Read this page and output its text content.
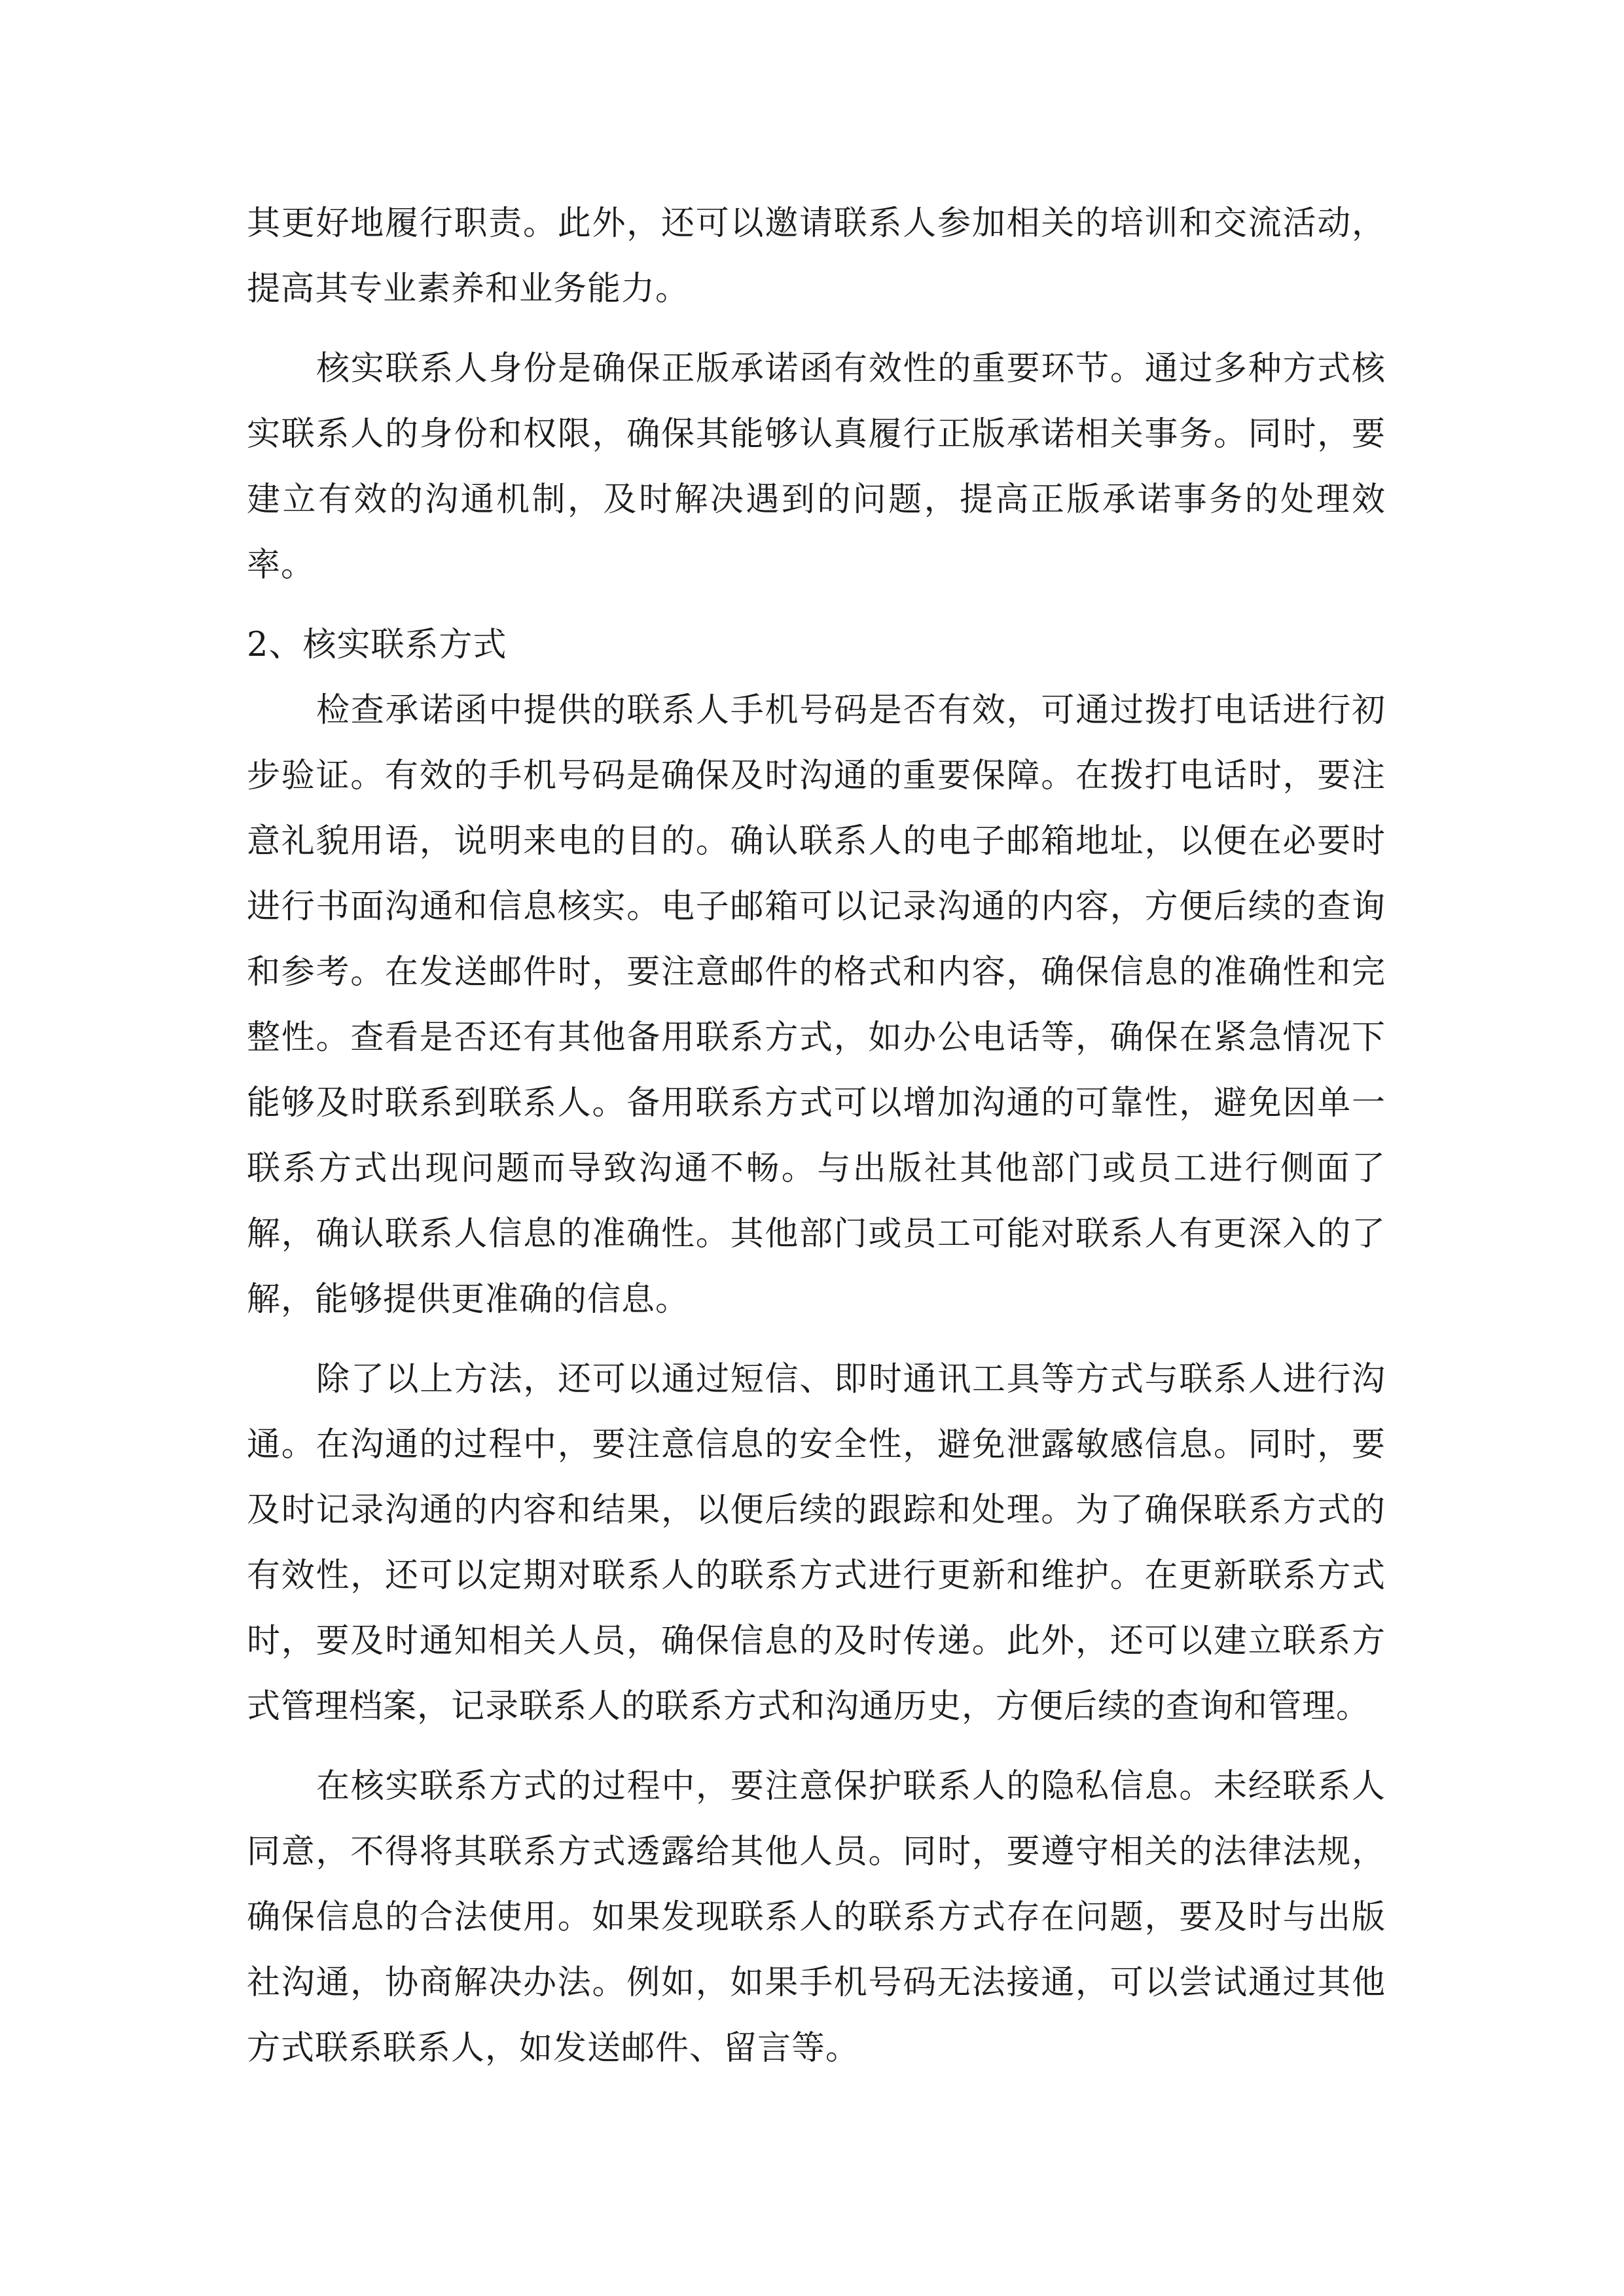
其更好地履行职责。此外，还可以邀请联系人参加相关的培训和交流活动，提高其专业素养和业务能力。

核实联系人身份是确保正版承诺函有效性的重要环节。通过多种方式核实联系人的身份和权限，确保其能够认真履行正版承诺相关事务。同时，要建立有效的沟通机制，及时解决遇到的问题，提高正版承诺事务的处理效率。

2、核实联系方式

检查承诺函中提供的联系人手机号码是否有效，可通过拨打电话进行初步验证。有效的手机号码是确保及时沟通的重要保障。在拨打电话时，要注意礼貌用语，说明来电的目的。确认联系人的电子邮箱地址，以便在必要时进行书面沟通和信息核实。电子邮箱可以记录沟通的内容，方便后续的查询和参考。在发送邮件时，要注意邮件的格式和内容，确保信息的准确性和完整性。查看是否还有其他备用联系方式，如办公电话等，确保在紧急情况下能够及时联系到联系人。备用联系方式可以增加沟通的可靠性，避免因单一联系方式出现问题而导致沟通不畅。与出版社其他部门或员工进行侧面了解，确认联系人信息的准确性。其他部门或员工可能对联系人有更深入的了解，能够提供更准确的信息。

除了以上方法，还可以通过短信、即时通讯工具等方式与联系人进行沟通。在沟通的过程中，要注意信息的安全性，避免泄露敏感信息。同时，要及时记录沟通的内容和结果，以便后续的跟踪和处理。为了确保联系方式的有效性，还可以定期对联系人的联系方式进行更新和维护。在更新联系方式时，要及时通知相关人员，确保信息的及时传递。此外，还可以建立联系方式管理档案，记录联系人的联系方式和沟通历史，方便后续的查询和管理。

在核实联系方式的过程中，要注意保护联系人的隐私信息。未经联系人同意，不得将其联系方式透露给其他人员。同时，要遵守相关的法律法规，确保信息的合法使用。如果发现联系人的联系方式存在问题，要及时与出版社沟通，协商解决办法。例如，如果手机号码无法接通，可以尝试通过其他方式联系联系人，如发送邮件、留言等。
